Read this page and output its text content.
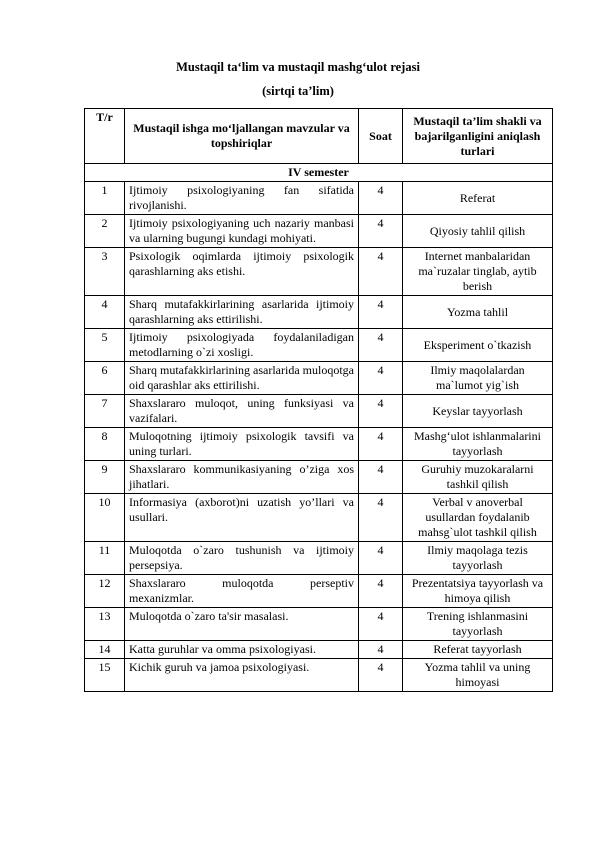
Mustaqil ta‘lim va mustaqil mashg‘ulot rejasi
(sirtqi ta’lim)
T/r	Mustaqil ishga mo‘ljallangan mavzular va topshiriqlar	Soat	Mustaqil ta’lim shakli va bajarilganligini aniqlash turlari
IV semester			
1	Ijtimoiy psixologiyaning fan sifatida rivojlanishi.	4	Referat
2	Ijtimoiy psixologiyaning uch nazariy manbasi va ularning bugungi kundagi mohiyati.	4	Qiyosiy tahlil qilish
3	Psixologik oqimlarda ijtimoiy psixologik qarashlarning aks etishi.	4	Internet manbalaridan ma`ruzalar tinglab, aytib berish
4	Sharq mutafakkirlarining asarlarida ijtimoiy qarashlarning aks ettirilishi.	4	Yozma tahlil
5	Ijtimoiy psixologiyada foydalaniladigan metodlarning o`zi xosligi.	4	Eksperiment o`tkazish
6	Sharq mutafakkirlarining asarlarida muloqotga oid qarashlar aks ettirilishi.	4	Ilmiy maqolalardan ma`lumot yig`ish
7	Shaxslararo muloqot, uning funksiyasi va vazifalari.	4	Keyslar tayyorlash
8	Muloqotning ijtimoiy psixologik tavsifi va uning turlari.	4	Mashg‘ulot ishlanmalarini tayyorlash
9	Shaxslararo kommunikasiyaning o’ziga xos jihatlari.	4	Guruhiy muzokaralarni tashkil qilish
10	Informasiya (axborot)ni uzatish yo’llari va usullari.	4	Verbal v anoverbal usullardan foydalanib mahsg`ulot tashkil qilish
11	Muloqotda o`zaro tushunish va ijtimoiy persepsiya.	4	Ilmiy maqolaga tezis tayyorlash
12	Shaxslararo muloqotda perseptiv mexanizmlar.	4	Prezentatsiya tayyorlash va himoya qilish
13	Muloqotda o`zaro ta'sir masalasi.	4	Trening ishlanmasini tayyorlash
14	Katta guruhlar va omma psixologiyasi.	4	Referat tayyorlash
15	Kichik guruh va jamoa psixologiyasi.	4	Yozma tahlil va uning himoyasi
